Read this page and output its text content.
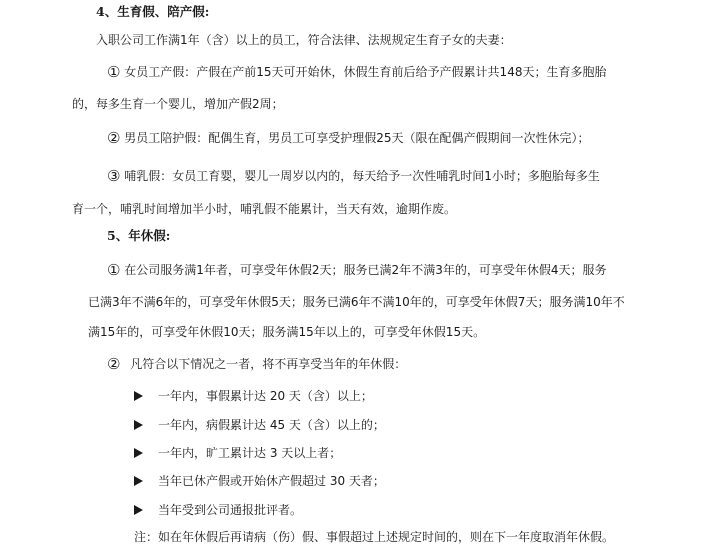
4、生育假、陪产假:
入职公司工作满1年（含）以上的员工，符合法律、法规规定生育子女的夫妻：
① 女员工产假：产假在产前15天可开始休，休假生育前后给予产假累计共148天；生育多胞胎
的，每多生育一个婴儿，增加产假2周；
② 男员工陪护假：配偶生育，男员工可享受护理假25天（限在配偶产假期间一次性休完）；
③ 哺乳假：女员工育婴，婴儿一周岁以内的，每天给予一次性哺乳时间1小时；多胞胎每多生
育一个，哺乳时间增加半小时，哺乳假不能累计，当天有效，逾期作废。
5、年休假:
① 在公司服务满1年者，可享受年休假2天；服务已满2年不满3年的，可享受年休假4天；服务
已满3年不满6年的，可享受年休假5天；服务已满6年不满10年的，可享受年休假7天；服务满10年不
满15年的，可享受年休假10天；服务满15年以上的，可享受年休假15天。
② 凡符合以下情况之一者，将不再享受当年的年休假：
一年内，事假累计达 20 天（含）以上；
一年内，病假累计达 45 天（含）以上的；
一年内，旷工累计达 3 天以上者；
当年已休产假或开始休产假超过 30 天者；
当年受到公司通报批评者。
注：如在年休假后再请病（伤）假、事假超过上述规定时间的，则在下一年度取消年休假。
